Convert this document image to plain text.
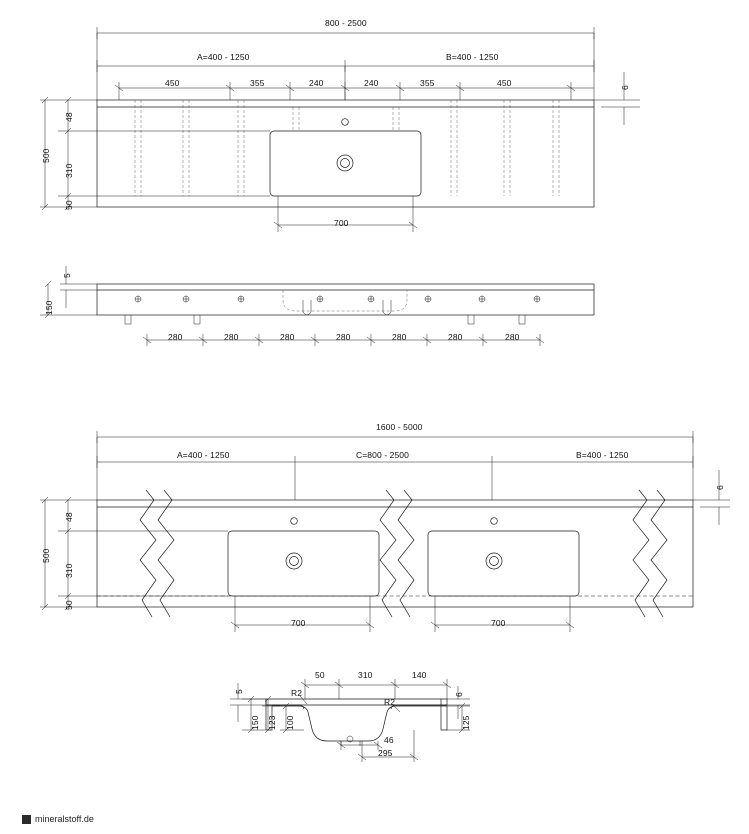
800 - 2500
A=400 - 1250	B=400 - 1250
450	355	240	240	355	450	6
500
48
310
50
700
5
150
280	280	280	280	280	280	280
1600 - 5000
A=400 - 1250	C=800 - 2500	B=400 - 1250
6
500
48
310
50
700	700
50	310	140
R2
R2
5
6
150 123 100	125
46
295
mineralstoff.de
